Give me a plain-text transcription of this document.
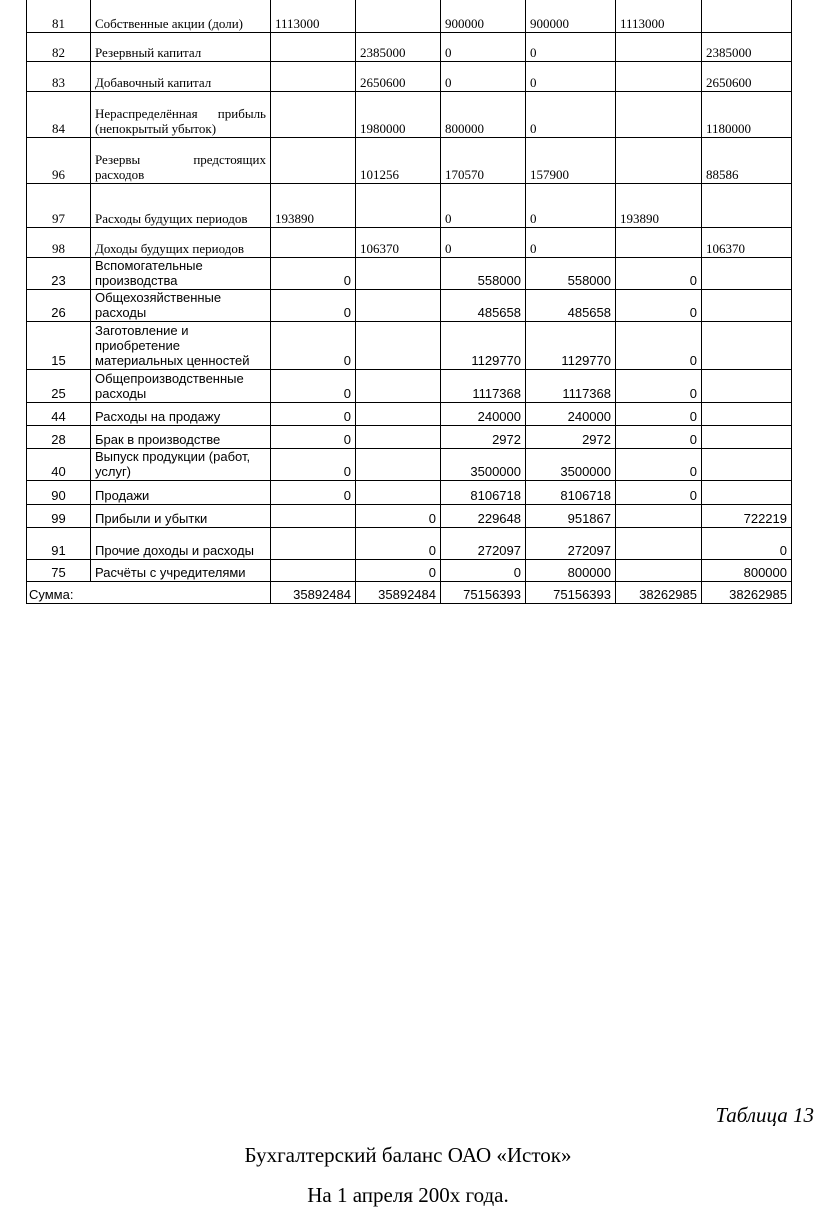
81	Собственные акции (доли)	1113000		900000	900000	1113000	
82	Резервный капитал		2385000	0	0		2385000
83	Добавочный капитал		2650600	0	0		2650600
84	Нераспределённая прибыль (непокрытый убыток)		1980000	800000	0		1180000
96	Резервы предстоящих расходов		101256	170570	157900		88586
97	Расходы будущих периодов	193890		0	0	193890	
98	Доходы будущих периодов		106370	0	0		106370
23	Вспомогательные производства	0		558000	558000	0	
26	Общехозяйственные расходы	0		485658	485658	0	
15	Заготовление и приобретение материальных ценностей	0		1129770	1129770	0	
25	Общепроизводственные расходы	0		1117368	1117368	0	
44	Расходы на продажу	0		240000	240000	0	
28	Брак в производстве	0		2972	2972	0	
40	Выпуск продукции (работ, услуг)	0		3500000	3500000	0	
90	Продажи	0		8106718	8106718	0	
99	Прибыли и убытки		0	229648	951867		722219
91	Прочие доходы и расходы		0	272097	272097		0
75	Расчёты с учредителями		0	0	800000		800000
Сумма:		35892484	35892484	75156393	75156393	38262985	38262985
Таблица 13
Бухгалтерский баланс ОАО «Исток»
На 1 апреля 200х года.
